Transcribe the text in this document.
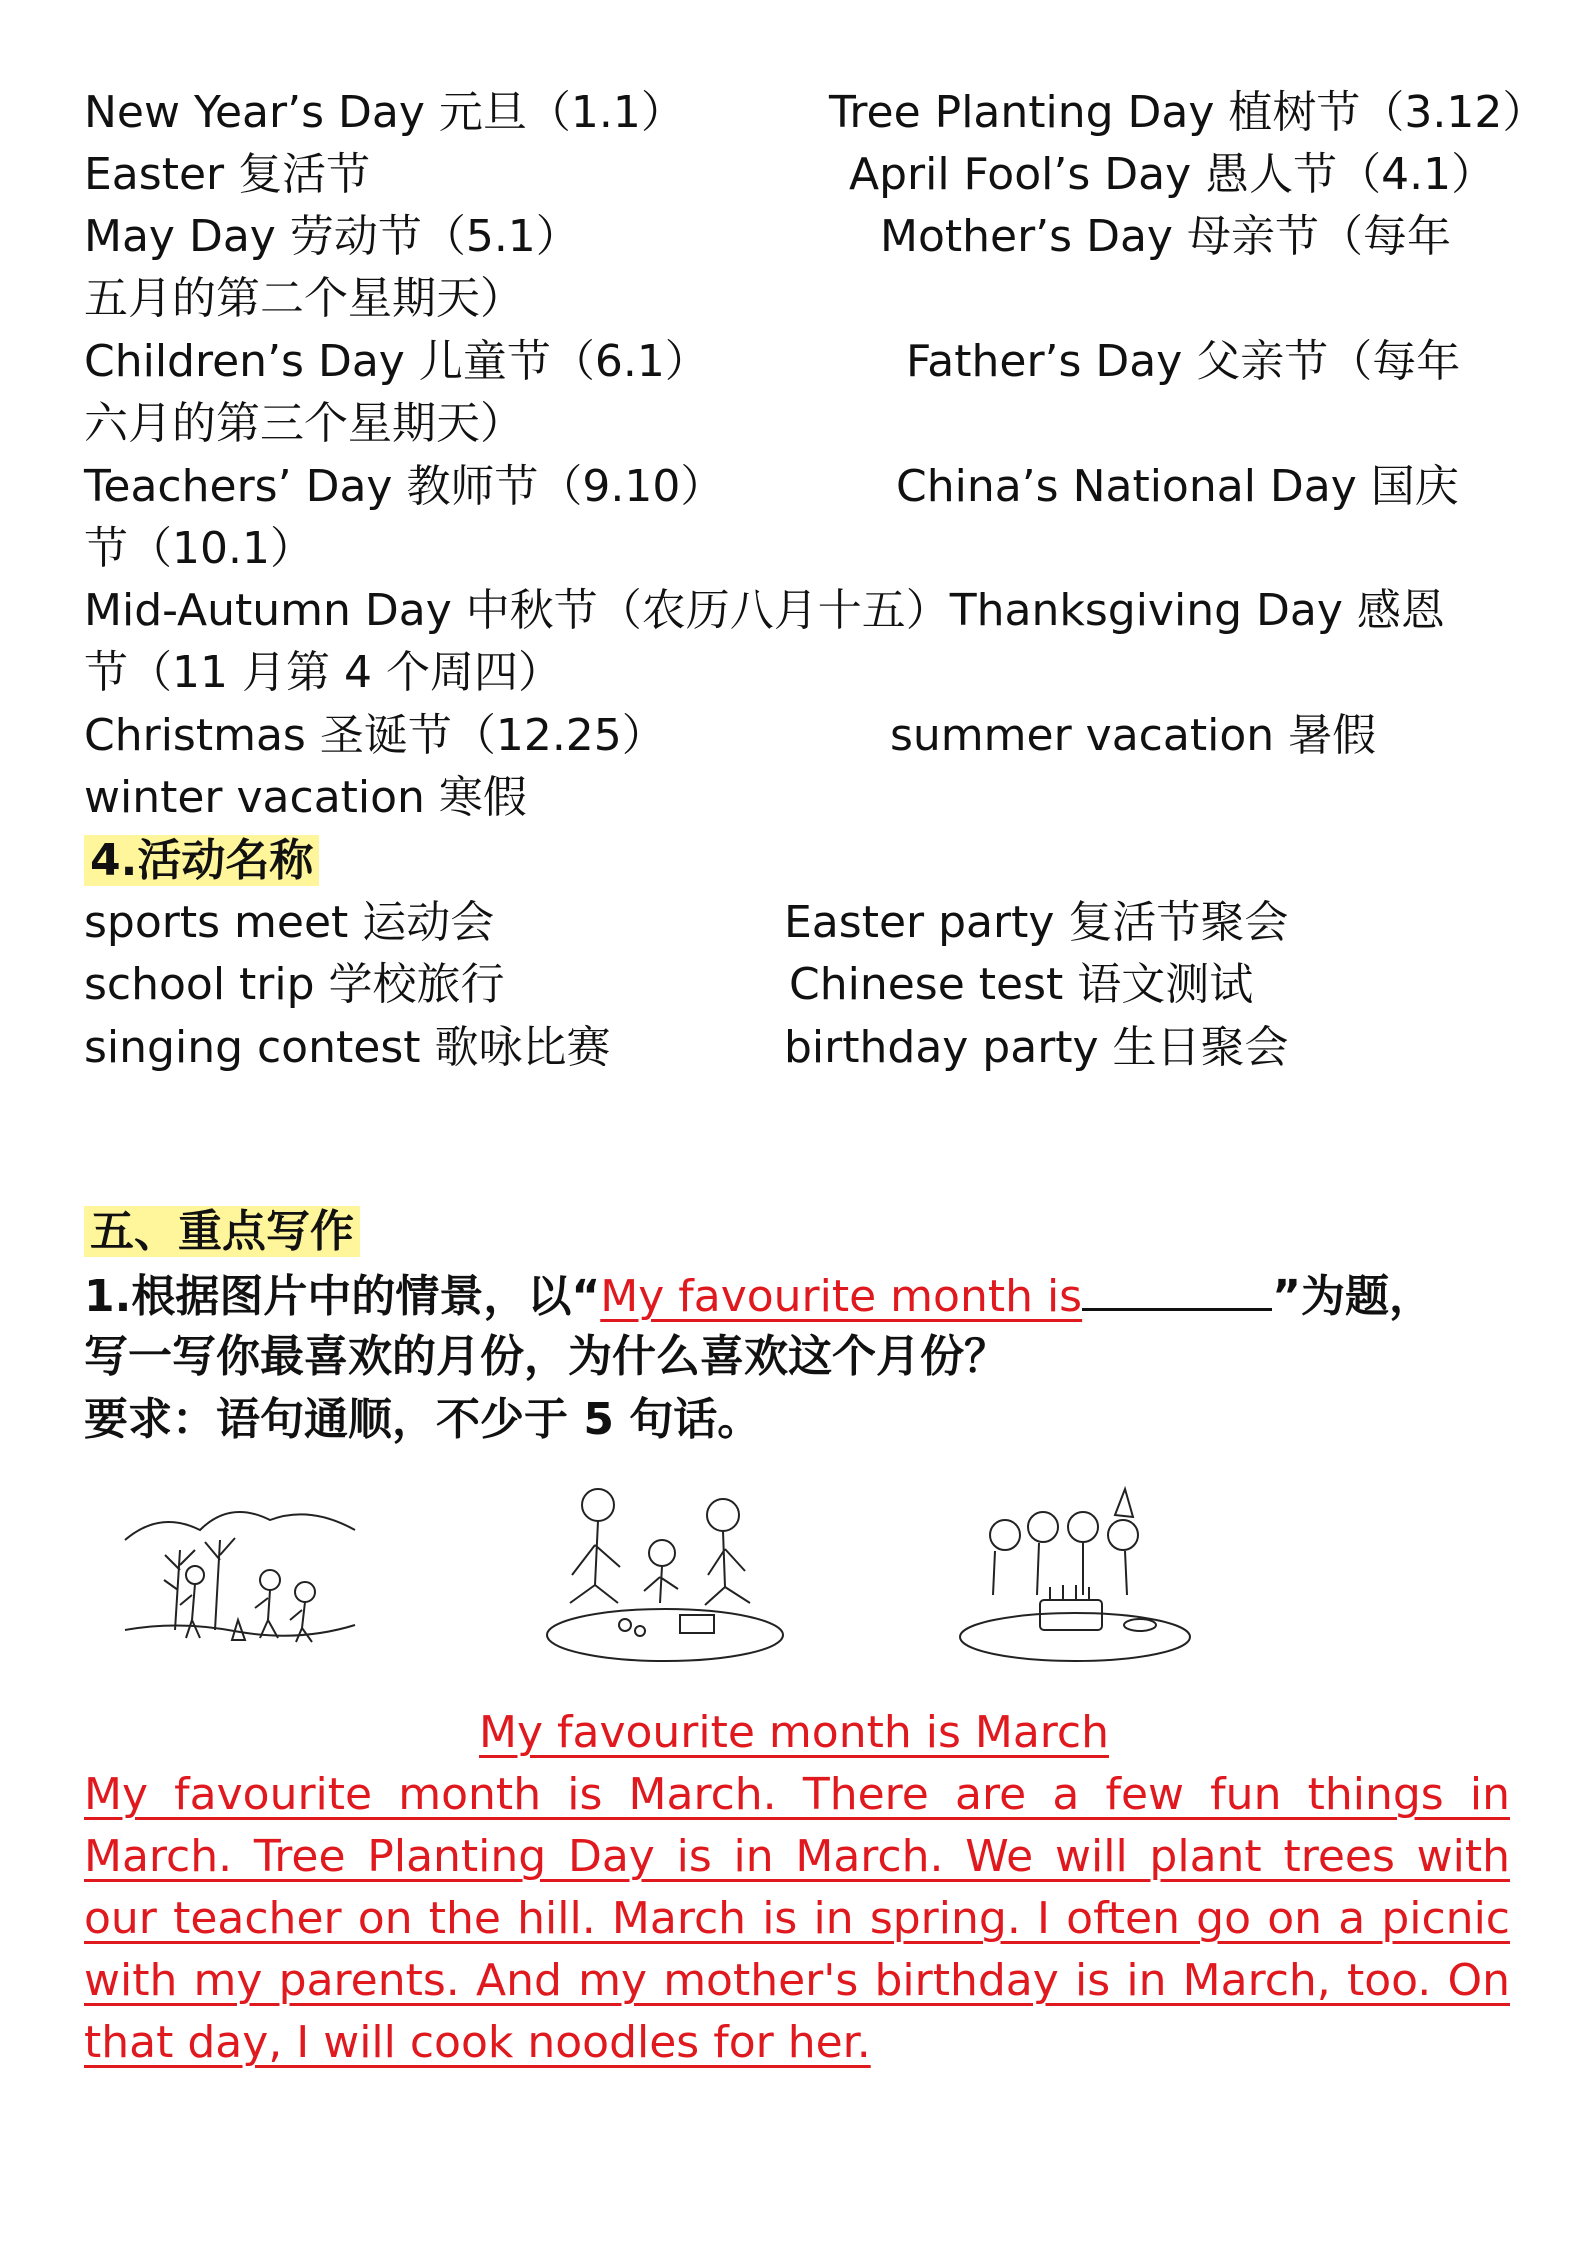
New Year’s Day 元旦（1.1）	Tree Planting Day 植树节（3.12）
Easter 复活节	April Fool’s Day 愚人节（4.1）
May Day 劳动节（5.1）	Mother’s Day 母亲节（每年
五月的第二个星期天）
Children’s Day 儿童节（6.1）	Father’s Day 父亲节（每年
六月的第三个星期天）
Teachers’ Day 教师节（9.10）	China’s National Day 国庆
节（10.1）
Mid-Autumn Day 中秋节（农历八月十五）Thanksgiving Day 感恩
节（11 月第 4 个周四）
Christmas 圣诞节（12.25）	summer vacation 暑假
winter vacation 寒假
4.活动名称
sports meet 运动会	Easter party 复活节聚会
school trip 学校旅行	Chinese test 语文测试
singing contest 歌咏比赛	birthday party 生日聚会
五、重点写作
1.根据图片中的情景，以“My favourite month is	”为题，
写一写你最喜欢的月份，为什么喜欢这个月份？
要求：语句通顺，不少于 5 句话。
My favourite month is March
My favourite month is March. There are a few fun things in March. Tree Planting Day is in March. We will plant trees with our teacher on the hill. March is in spring. I often go on a picnic with my parents. And my mother's birthday is in March, too. On that day, I will cook noodles for her.
